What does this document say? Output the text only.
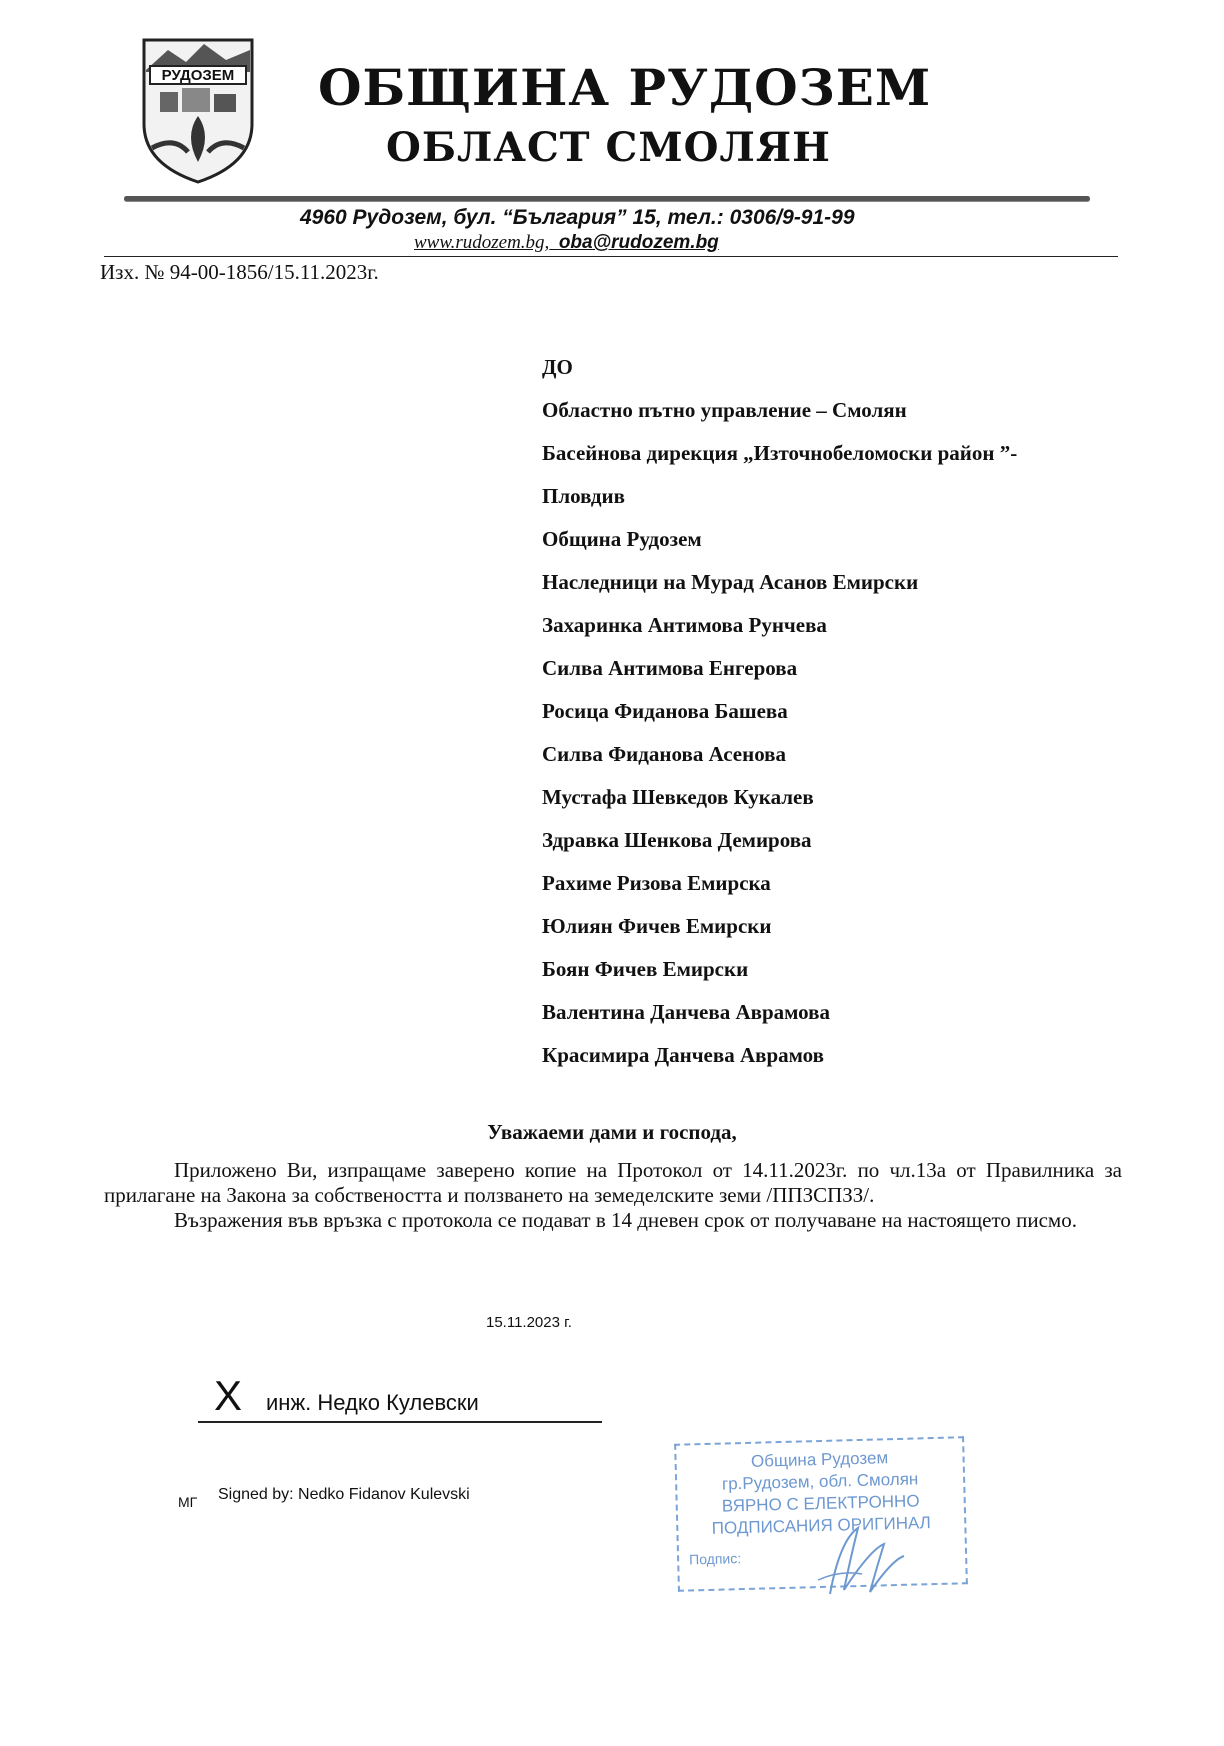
РУДОЗЕМ ОБЩИНА РУДОЗЕМ
ОБЛАСТ СМОЛЯН
4960 Рудозем, бул. “България” 15, тел.: 0306/9-91-99
www.rudozem.bg, oba@rudozem.bg
Изх. № 94-00-1856/15.11.2023г.
ДО
Областно пътно управление – Смолян
Басейнова дирекция „Източнобеломоски район ”-
Пловдив
Община Рудозем
Наследници на Мурад Асанов Емирски
Захаринка Антимова Рунчева
Силва Антимова Енгерова
Росица Фиданова Башева
Силва Фиданова Асенова
Мустафа Шевкедов Кукалев
Здравка Шенкова Демирова
Рахиме Ризова Емирска
Юлиян Фичев Емирски
Боян Фичев Емирски
Валентина Данчева Аврамова
Красимира Данчева Аврамов
Уважаеми дами и господа,

Приложено Ви, изпращаме заверено копие на Протокол от 14.11.2023г. по чл.13а от Правилника за прилагане на Закона за собствеността и ползването на земеделските земи /ППЗСПЗЗ/.

Възражения във връзка с протокола се подават в 14 дневен срок от получаване на настоящето писмо.

15.11.2023 г.
X инж. Недко Кулевски
МГ Signed by: Nedko Fidanov Kulevski
Община Рудозем
гр.Рудозем, обл. Смолян
ВЯРНО С ЕЛЕКТРОННО
ПОДПИСАНИЯ ОРИГИНАЛ
Подпис:
